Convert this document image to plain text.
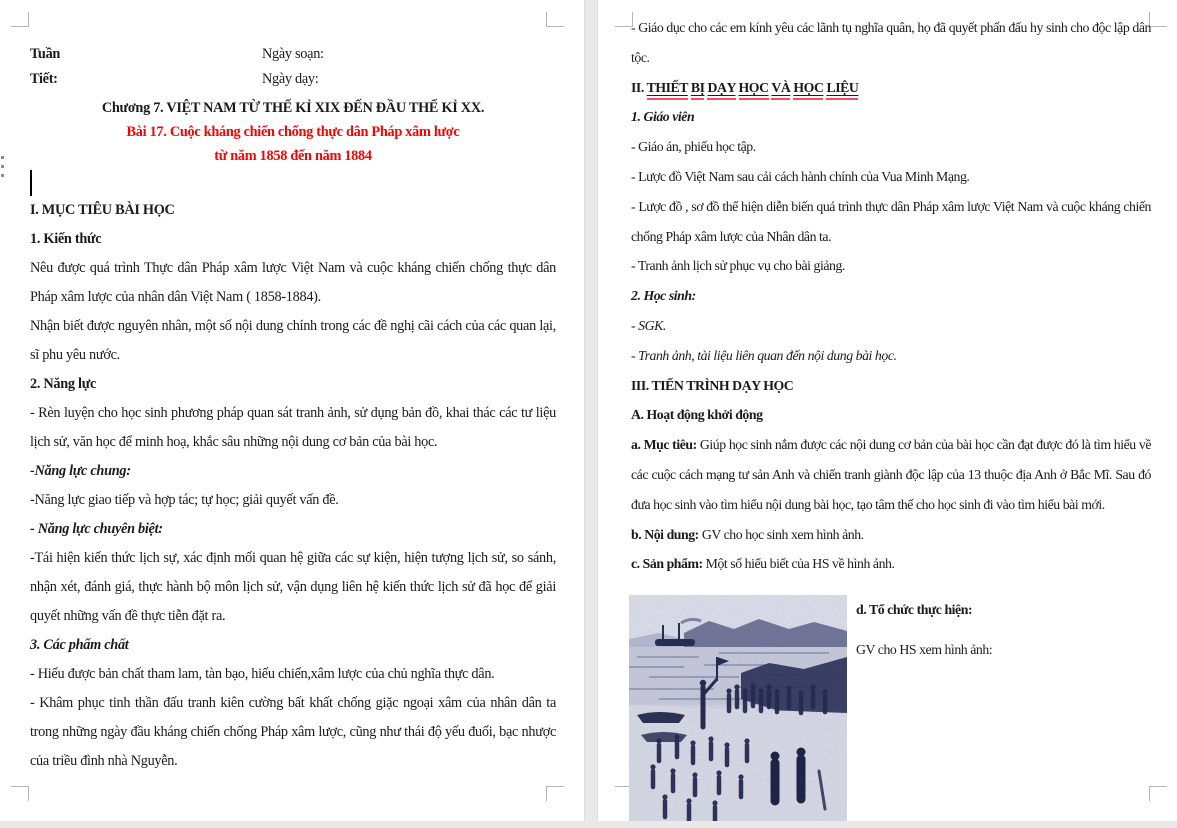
Tuần	Ngày soạn:
Tiết:	Ngày dạy:

Chương 7. VIỆT NAM TỪ THẾ KỈ XIX ĐẾN ĐẦU THẾ KỈ XX.

Bài 17. Cuộc kháng chiến chống thực dân Pháp xâm lược

từ năm 1858 đến năm 1884

I. MỤC TIÊU BÀI HỌC

1. Kiến thức

Nêu được quá trình Thực dân Pháp xâm lược Việt Nam và cuộc kháng chiến chống thực dân Pháp xâm lược của nhân dân Việt Nam ( 1858-1884).

Nhận biết được nguyên nhân, một số nội dung chính trong các đề nghị cãi cách của các quan lại, sĩ phu yêu nước.

2. Năng lực

- Rèn luyện cho học sinh phương pháp quan sát tranh ảnh, sử dụng bản đồ, khai thác các tư liệu lịch sử, văn học để minh hoạ, khắc sâu những nội dung cơ bản của bài học.

-Năng lực chung:

-Năng lực giao tiếp và hợp tác; tự học; giải quyết vấn đề.

- Năng lực chuyên biệt:

-Tái hiện kiến thức lịch sự, xác định mối quan hệ giữa các sự kiện, hiện tượng lịch sử, so sánh, nhận xét, đánh giá, thực hành bộ môn lịch sử, vận dụng liên hệ kiến thức lịch sử đã học để giải quyết những vấn đề thực tiễn đặt ra.

3. Các phẩm chất

- Hiểu được bản chất tham lam, tàn bạo, hiếu chiến,xâm lược của chủ nghĩa thực dân.

- Khâm phục tinh thần đấu tranh kiên cường bất khất chống giặc ngoại xâm của nhân dân ta trong những ngày đầu kháng chiến chống Pháp xâm lược, cũng như thái độ yếu đuối, bạc nhược của triều đình nhà Nguyễn.

- Giáo dục cho các em kính yêu các lãnh tụ nghĩa quân, họ đã quyết phấn đấu hy sinh cho độc lập dân tộc.

II. THIẾT BỊ DẠY HỌC VÀ HỌC LIỆU

1. Giáo viên

- Giáo án, phiếu học tập.

- Lược đồ Việt Nam sau cải cách hành chính của Vua Minh Mạng.

- Lược đồ , sơ đồ thể hiện diễn biến quá trình thực dân Pháp xâm lược Việt Nam và cuộc kháng chiến chống Pháp xâm lược của Nhân dân ta.

- Tranh ảnh lịch sử phục vụ cho bài giảng.

2. Học sinh:

- SGK.

- Tranh ảnh, tài liệu liên quan đến nội dung bài học.

III. TIẾN TRÌNH DẠY HỌC

A. Hoạt động khởi động

a. Mục tiêu: Giúp học sinh nắm được các nội dung cơ bản của bài học cần đạt được đó là tìm hiểu về các cuộc cách mạng tư sản Anh và chiến tranh giành độc lập của 13 thuộc địa Anh ở Bắc Mĩ. Sau đó đưa học sinh vào tìm hiểu nội dung bài học, tạo tâm thế cho học sinh đi vào tìm hiểu bài mới.

b. Nội dung: GV cho học sinh xem hình ảnh.

c. Sản phẩm: Một số hiểu biết của HS về hình ảnh.

d. Tổ chức thực hiện:

GV cho HS xem hình ảnh:
